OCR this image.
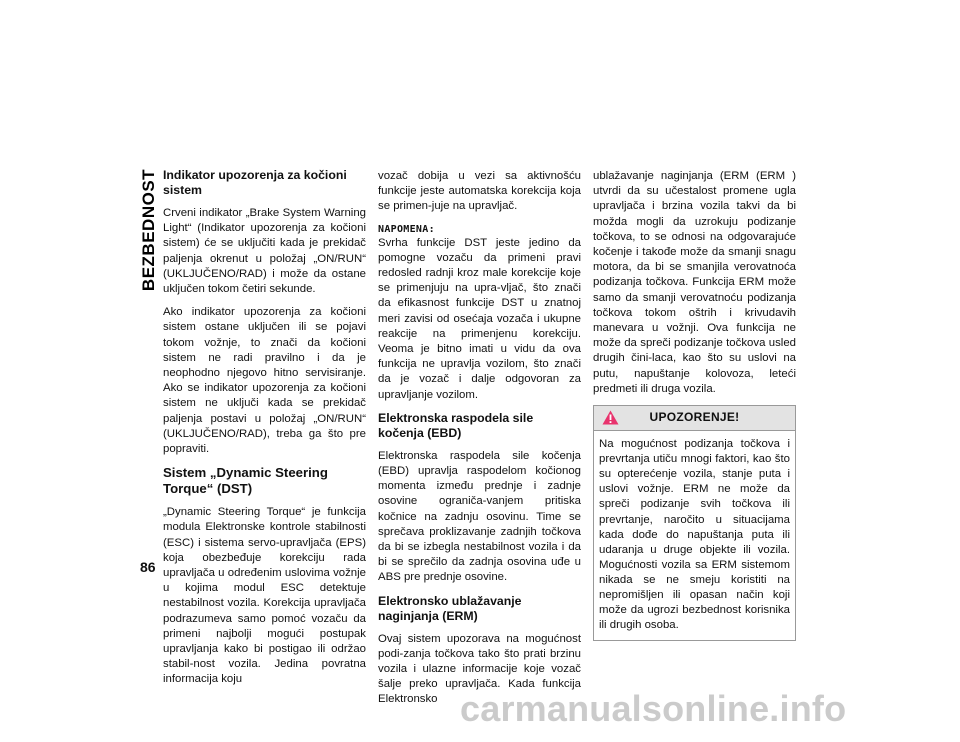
BEZBEDNOST Indikator upozorenja za kočioni sistem

Crveni indikator „Brake System Warning Light“ (Indikator upozorenja za kočioni sistem) će se uključiti kada je prekidač paljenja okrenut u položaj „ON/RUN“ (UKLJUČENO/RAD) i može da ostane uključen tokom četiri sekunde.

Ako indikator upozorenja za kočioni sistem ostane uključen ili se pojavi tokom vožnje, to znači da kočioni sistem ne radi pravilno i da je neophodno njegovo hitno servisiranje. Ako se indikator upozorenja za kočioni sistem ne uključi kada se prekidač paljenja postavi u položaj „ON/RUN“ (UKLJUČENO/RAD), treba ga što pre popraviti.

Sistem „Dynamic Steering Torque“ (DST)

„Dynamic Steering Torque“ je funkcija modula Elektronske kontrole stabilnosti (ESC) i sistema servo-upravljača (EPS) koja obezbeđuje korekciju rada upravljača u određenim uslovima vožnje u kojima modul ESC detektuje nestabilnost vozila. Korekcija upravljača podrazumeva samo pomoć vozaču da primeni najbolji mogući postupak upravljanja kako bi postigao ili održao stabil-nost vozila. Jedina povratna informacija koju

vozač dobija u vezi sa aktivnošću funkcije jeste automatska korekcija koja se primen-juje na upravljač.

NAPOMENA:

Svrha funkcije DST jeste jedino da pomogne vozaču da primeni pravi redosled radnji kroz male korekcije koje se primenjuju na upra-vljač, što znači da efikasnost funkcije DST u znatnoj meri zavisi od osećaja vozača i ukupne reakcije na primenjenu korekciju. Veoma je bitno imati u vidu da ova funkcija ne upravlja vozilom, što znači da je vozač i dalje odgovoran za upravljanje vozilom.

Elektronska raspodela sile kočenja (EBD)

Elektronska raspodela sile kočenja (EBD) upravlja raspodelom kočionog momenta između prednje i zadnje osovine ograniča-vanjem pritiska kočnice na zadnju osovinu. Time se sprečava proklizavanje zadnjih točkova da bi se izbegla nestabilnost vozila i da bi se sprečilo da zadnja osovina uđe u ABS pre prednje osovine.

Elektronsko ublažavanje naginjanja (ERM)

Ovaj sistem upozorava na mogućnost podi-zanja točkova tako što prati brzinu vozila i ulazne informacije koje vozač šalje preko upravljača. Kada funkcija Elektronsko

ublažavanje naginjanja (ERM (ERM ) utvrdi da su učestalost promene ugla upravljača i brzina vozila takvi da bi možda mogli da uzrokuju podizanje točkova, to se odnosi na odgovarajuće kočenje i takođe može da smanji snagu motora, da bi se smanjila verovatnoća podizanja točkova. Funkcija ERM može samo da smanji verovatnoću podizanja točkova tokom oštrih i krivudavih manevara u vožnji. Ova funkcija ne može da spreči podizanje točkova usled drugih čini-laca, kao što su uslovi na putu, napuštanje kolovoza, leteći predmeti ili druga vozila.

UPOZORENJE!
Na mogućnost podizanja točkova i prevrtanja utiču mnogi faktori, kao što su opterećenje vozila, stanje puta i uslovi vožnje. ERM ne može da spreči podizanje svih točkova ili prevrtanje, naročito u situacijama kada dođe do napuštanja puta ili udaranja u druge objekte ili vozila. Mogućnosti vozila sa ERM sistemom nikada se ne smeju koristiti na nepromišljen ili opasan način koji može da ugrozi bezbednost korisnika ili drugih osoba.
86
carmanualsonline.info
